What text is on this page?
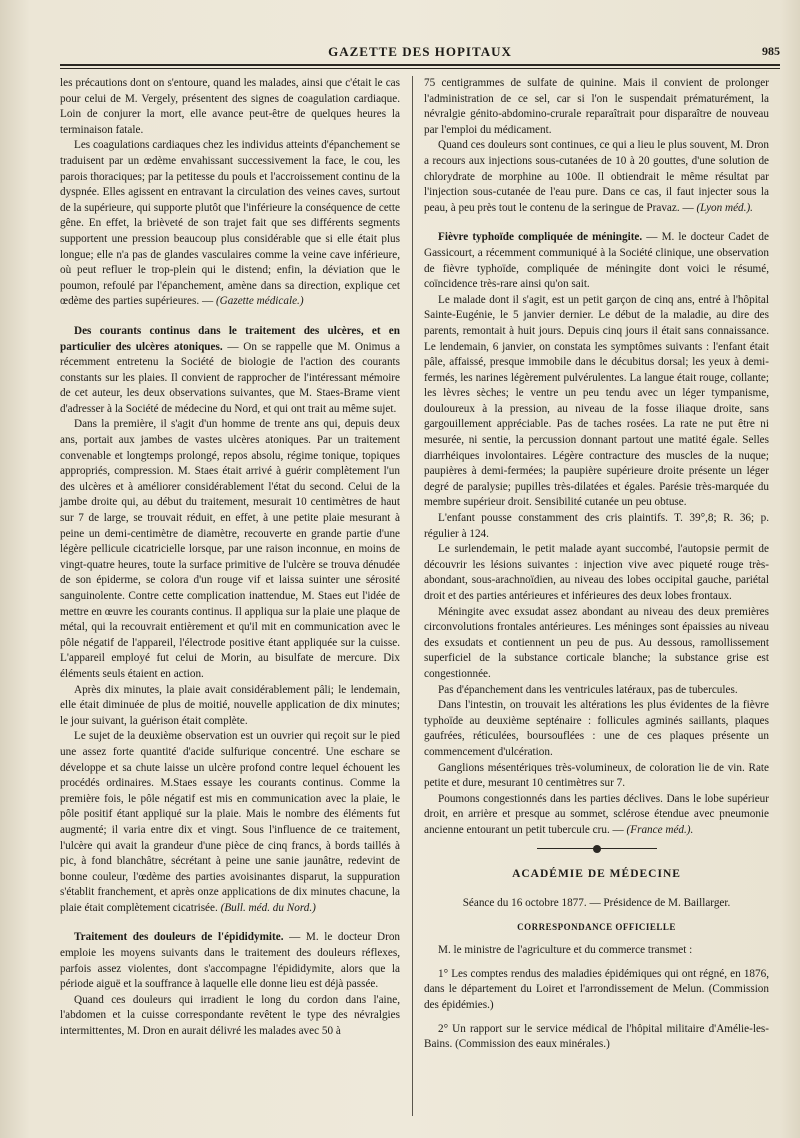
GAZETTE DES HOPITAUX	985

les précautions dont on s'entoure, quand les malades, ainsi que c'était le cas pour celui de M. Vergely, présentent des signes de coagulation cardiaque. Loin de conjurer la mort, elle avance peut-être de quelques heures la terminaison fatale.

Les coagulations cardiaques chez les individus atteints d'épanchement se traduisent par un œdème envahissant successivement la face, le cou, les parois thoraciques; par la petitesse du pouls et l'accroissement continu de la dyspnée. Elles agissent en entravant la circulation des veines caves, surtout de la supérieure, qui supporte plutôt que l'inférieure la conséquence de cette gêne. En effet, la brièveté de son trajet fait que ses différents segments supportent une pression beaucoup plus considérable que si elle était plus longue; elle n'a pas de glandes vasculaires comme la veine cave inférieure, où peut refluer le trop-plein qui le distend; enfin, la déviation que le poumon, refoulé par l'épanchement, amène dans sa direction, explique cet œdème des parties supérieures. — (Gazette médicale.)

Des courants continus dans le traitement des ulcères, et en particulier des ulcères atoniques. — On se rappelle que M. Onimus a récemment entretenu la Société de biologie de l'action des courants constants sur les plaies. Il convient de rapprocher de l'intéressant mémoire de cet auteur, les deux observations suivantes, que M. Staes-Brame vient d'adresser à la Société de médecine du Nord, et qui ont trait au même sujet.

Dans la première, il s'agit d'un homme de trente ans qui, depuis deux ans, portait aux jambes de vastes ulcères atoniques. Par un traitement convenable et longtemps prolongé, repos absolu, régime tonique, topiques appropriés, compression. M. Staes était arrivé à guérir complètement l'un des ulcères et à améliorer considérablement l'état du second. Celui de la jambe droite qui, au début du traitement, mesurait 10 centimètres de haut sur 7 de large, se trouvait réduit, en effet, à une petite plaie mesurant à peine un demi-centimètre de diamètre, recouverte en grande partie d'une légère pellicule cicatricielle lorsque, par une raison inconnue, en moins de vingt-quatre heures, toute la surface primitive de l'ulcère se trouva dénudée de son épiderme, se colora d'un rouge vif et laissa suinter une sérosité sanguinolente. Contre cette complication inattendue, M. Staes eut l'idée de mettre en œuvre les courants continus. Il appliqua sur la plaie une plaque de métal, qui la recouvrait entièrement et qu'il mit en communication avec le pôle négatif de l'appareil, l'électrode positive étant appliquée sur la cuisse. L'appareil employé fut celui de Morin, au bisulfate de mercure. Dix éléments seuls étaient en action.

Après dix minutes, la plaie avait considérablement pâli; le lendemain, elle était diminuée de plus de moitié, nouvelle application de dix minutes; le jour suivant, la guérison était complète.

Le sujet de la deuxième observation est un ouvrier qui reçoit sur le pied une assez forte quantité d'acide sulfurique concentré. Une eschare se développe et sa chute laisse un ulcère profond contre lequel échouent les procédés ordinaires. M.Staes essaye les courants continus. Comme la première fois, le pôle négatif est mis en communication avec la plaie, le pôle positif étant appliqué sur la plaie. Mais le nombre des éléments fut augmenté; il varia entre dix et vingt. Sous l'influence de ce traitement, l'ulcère qui avait la grandeur d'une pièce de cinq francs, à bords taillés à pic, à fond blanchâtre, sécrétant à peine une sanie jaunâtre, redevint de bonne couleur, l'œdème des parties avoisinantes disparut, la suppuration s'établit franchement, et après onze applications de dix minutes chacune, la plaie était complètement cicatrisée. (Bull. méd. du Nord.)

Traitement des douleurs de l'épididymite. — M. le docteur Dron emploie les moyens suivants dans le traitement des douleurs réflexes, parfois assez violentes, dont s'accompagne l'épididymite, alors que la période aiguë et la souffrance à laquelle elle donne lieu est déjà passée.

Quand ces douleurs qui irradient le long du cordon dans l'aine, l'abdomen et la cuisse correspondante revêtent le type des névralgies intermittentes, M. Dron en aurait délivré les malades avec 50 à

75 centigrammes de sulfate de quinine. Mais il convient de prolonger l'administration de ce sel, car si l'on le suspendait prématurément, la névralgie génito-abdomino-crurale reparaîtrait pour disparaître de nouveau par l'emploi du médicament.

Quand ces douleurs sont continues, ce qui a lieu le plus souvent, M. Dron a recours aux injections sous-cutanées de 10 à 20 gouttes, d'une solution de chlorydrate de morphine au 100e. Il obtiendrait le même résultat par l'injection sous-cutanée de l'eau pure. Dans ce cas, il faut injecter sous la peau, à peu près tout le contenu de la seringue de Pravaz. — (Lyon méd.).

Fièvre typhoïde compliquée de méningite. — M. le docteur Cadet de Gassicourt, a récemment communiqué à la Société clinique, une observation de fièvre typhoïde, compliquée de méningite dont voici le résumé, coïncidence très-rare ainsi qu'on sait.

Le malade dont il s'agit, est un petit garçon de cinq ans, entré à l'hôpital Sainte-Eugénie, le 5 janvier dernier. Le début de la maladie, au dire des parents, remontait à huit jours. Depuis cinq jours il était sans connaissance. Le lendemain, 6 janvier, on constata les symptômes suivants : l'enfant était pâle, affaissé, presque immobile dans le décubitus dorsal; les yeux à demi-fermés, les narines légèrement pulvérulentes. La langue était rouge, collante; les lèvres sèches; le ventre un peu tendu avec un léger tympanisme, douloureux à la pression, au niveau de la fosse iliaque droite, sans gargouillement appréciable. Pas de taches rosées. La rate ne put être ni mesurée, ni sentie, la percussion donnant partout une matité égale. Selles diarrhéiques involontaires. Légère contracture des muscles de la nuque; paupières à demi-fermées; la paupière supérieure droite présente un léger degré de paralysie; pupilles très-dilatées et égales. Parésie très-marquée du membre supérieur droit. Sensibilité cutanée un peu obtuse.

L'enfant pousse constamment des cris plaintifs. T. 39°,8; R. 36; p. régulier à 124.

Le surlendemain, le petit malade ayant succombé, l'autopsie permit de découvrir les lésions suivantes : injection vive avec piqueté rouge très-abondant, sous-arachnoïdien, au niveau des lobes occipital gauche, pariétal droit et des parties antérieures et inférieures des deux lobes frontaux.

Méningite avec exsudat assez abondant au niveau des deux premières circonvolutions frontales antérieures. Les méninges sont épaissies au niveau des exsudats et contiennent un peu de pus. Au dessous, ramollissement superficiel de la substance corticale blanche; la substance grise est congestionnée.

Pas d'épanchement dans les ventricules latéraux, pas de tubercules.

Dans l'intestin, on trouvait les altérations les plus évidentes de la fièvre typhoïde au deuxième septénaire : follicules agminés saillants, plaques gaufrées, réticulées, boursouflées : une de ces plaques présente un commencement d'ulcération.

Ganglions mésentériques très-volumineux, de coloration lie de vin. Rate petite et dure, mesurant 10 centimètres sur 7.

Poumons congestionnés dans les parties déclives. Dans le lobe supérieur droit, en arrière et presque au sommet, sclérose étendue avec pneumonie ancienne entourant un petit tubercule cru. — (France méd.).

ACADÉMIE DE MÉDECINE

Séance du 16 octobre 1877. — Présidence de M. Baillarger.

CORRESPONDANCE OFFICIELLE

M. le ministre de l'agriculture et du commerce transmet :

1° Les comptes rendus des maladies épidémiques qui ont régné, en 1876, dans le département du Loiret et l'arrondissement de Melun. (Commission des épidémies.)

2° Un rapport sur le service médical de l'hôpital militaire d'Amélie-les-Bains. (Commission des eaux minérales.)
